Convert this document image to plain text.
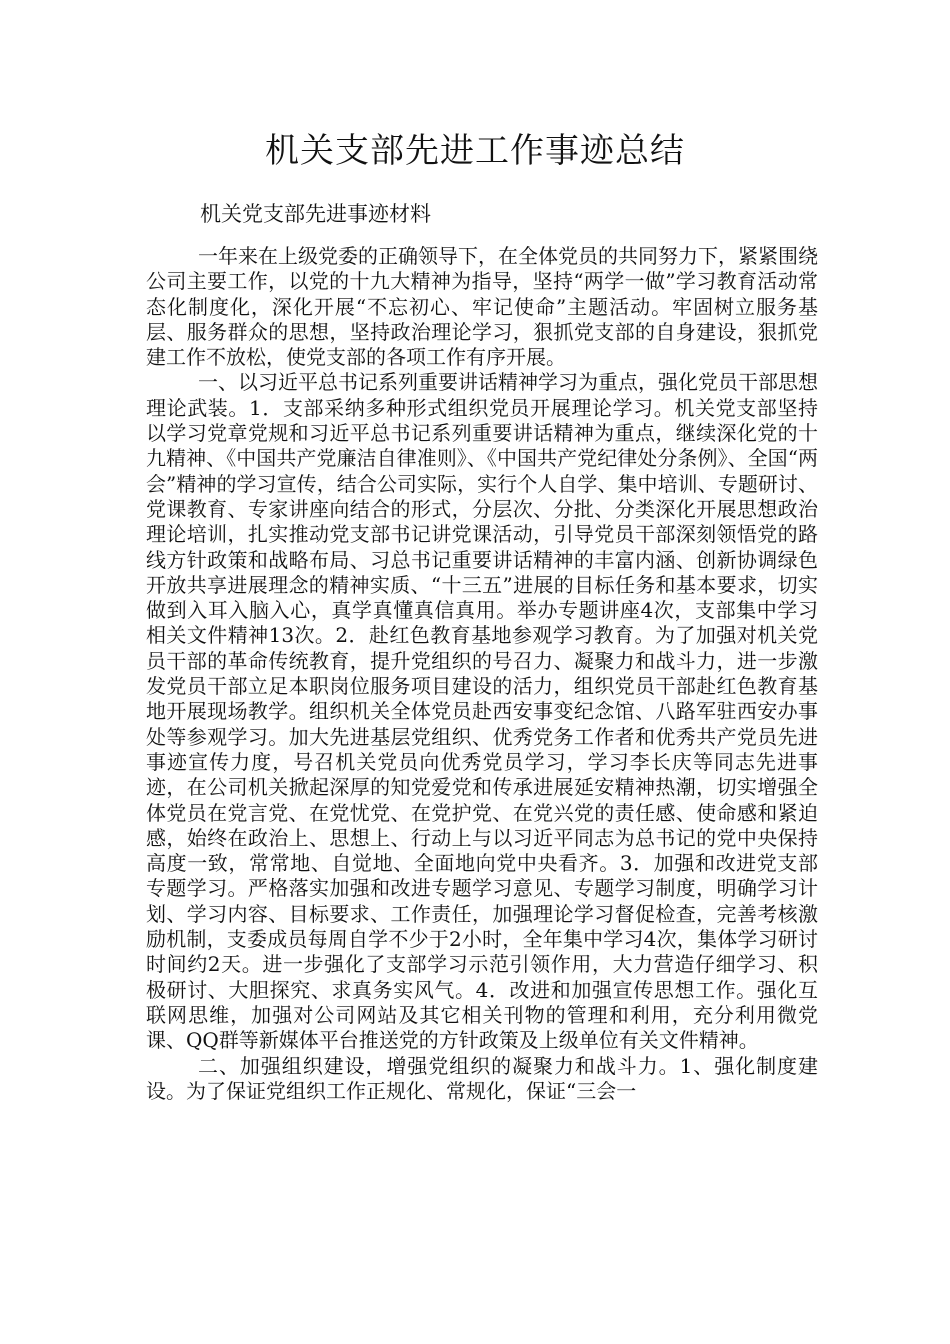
机关支部先进工作事迹总结
机关党支部先进事迹材料

一年来在上级党委的正确领导下，在全体党员的共同努力下，紧紧围绕公司主要工作，以党的十九大精神为指导，坚持“两学一做”学习教育活动常态化制度化，深化开展“不忘初心、牢记使命”主题活动。牢固树立服务基层、服务群众的思想，坚持政治理论学习，狠抓党支部的自身建设，狠抓党建工作不放松，使党支部的各项工作有序开展。

一、以习近平总书记系列重要讲话精神学习为重点，强化党员干部思想理论武装。1．支部采纳多种形式组织党员开展理论学习。机关党支部坚持以学习党章党规和习近平总书记系列重要讲话精神为重点，继续深化党的十九精神、《中国共产党廉洁自律准则》、《中国共产党纪律处分条例》、全国“两会”精神的学习宣传，结合公司实际，实行个人自学、集中培训、专题研讨、党课教育、专家讲座向结合的形式，分层次、分批、分类深化开展思想政治理论培训，扎实推动党支部书记讲党课活动，引导党员干部深刻领悟党的路线方针政策和战略布局、习总书记重要讲话精神的丰富内涵、创新协调绿色开放共享进展理念的精神实质、“十三五”进展的目标任务和基本要求，切实做到入耳入脑入心，真学真懂真信真用。举办专题讲座4次，支部集中学习相关文件精神13次。2．赴红色教育基地参观学习教育。为了加强对机关党员干部的革命传统教育，提升党组织的号召力、凝聚力和战斗力，进一步激发党员干部立足本职岗位服务项目建设的活力，组织党员干部赴红色教育基地开展现场教学。组织机关全体党员赴西安事变纪念馆、八路军驻西安办事处等参观学习。加大先进基层党组织、优秀党务工作者和优秀共产党员先进事迹宣传力度，号召机关党员向优秀党员学习，学习李长庆等同志先进事迹，在公司机关掀起深厚的知党爱党和传承进展延安精神热潮，切实增强全体党员在党言党、在党忧党、在党护党、在党兴党的责任感、使命感和紧迫感，始终在政治上、思想上、行动上与以习近平同志为总书记的党中央保持高度一致，常常地、自觉地、全面地向党中央看齐。3．加强和改进党支部专题学习。严格落实加强和改进专题学习意见、专题学习制度，明确学习计划、学习内容、目标要求、工作责任，加强理论学习督促检查，完善考核激励机制，支委成员每周自学不少于2小时，全年集中学习4次，集体学习研讨时间约2天。进一步强化了支部学习示范引领作用，大力营造仔细学习、积极研讨、大胆探究、求真务实风气。4．改进和加强宣传思想工作。强化互联网思维，加强对公司网站及其它相关刊物的管理和利用，充分利用微党课、QQ群等新媒体平台推送党的方针政策及上级单位有关文件精神。

二、加强组织建设，增强党组织的凝聚力和战斗力。1、强化制度建设。为了保证党组织工作正规化、常规化，保证“三会一
